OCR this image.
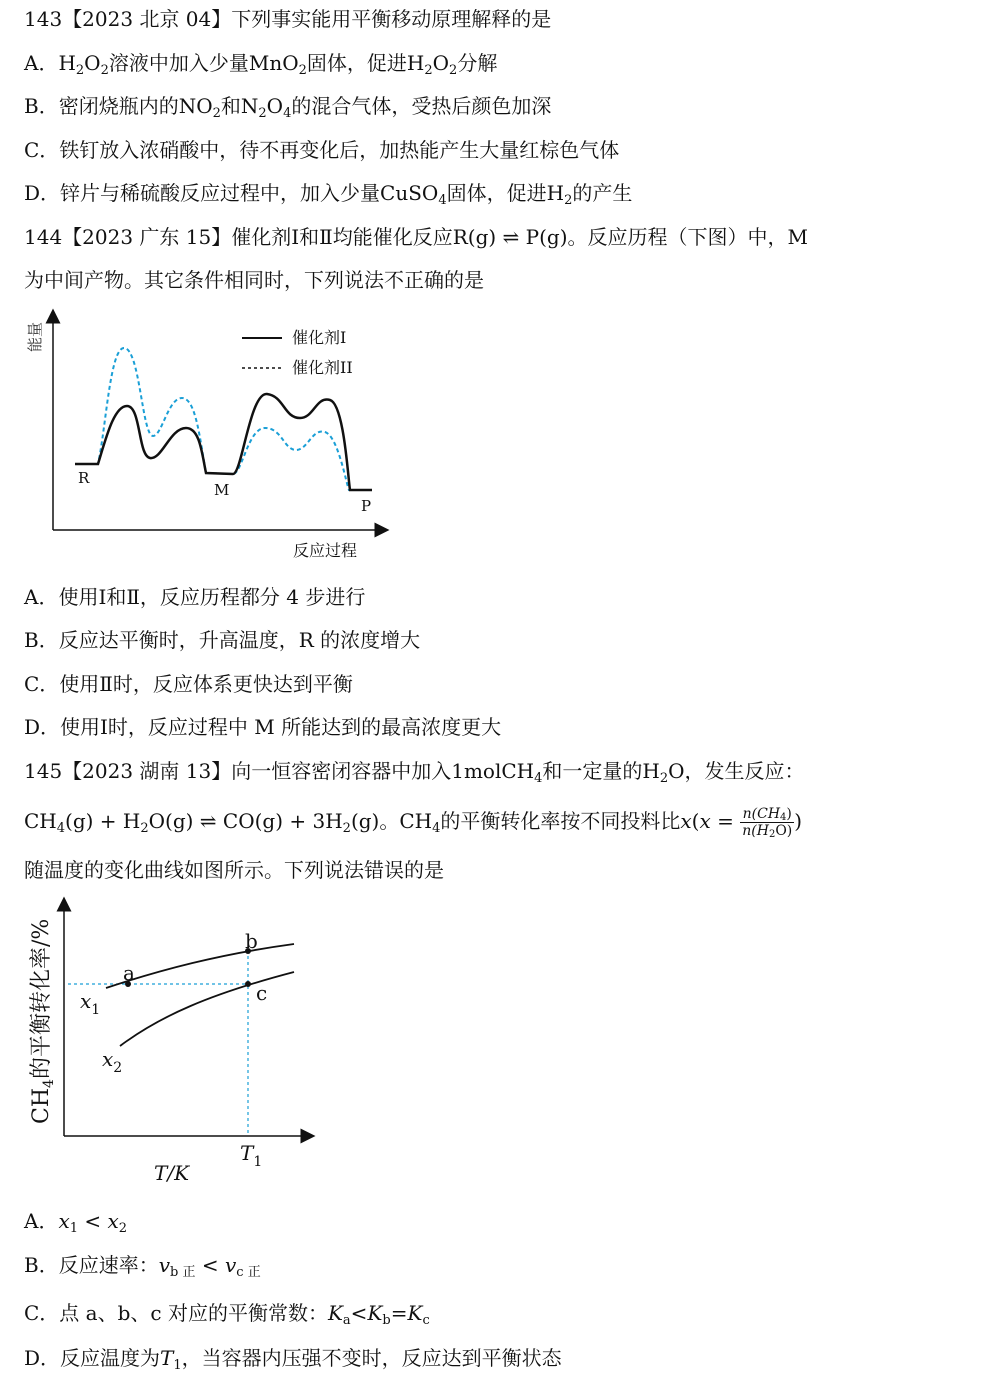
143【2023 北京 04】下列事实能用平衡移动原理解释的是
A．$H_2O_2$溶液中加入少量MnO$_2$固体，促进$H_2O_2$分解
B．密闭烧瓶内的$NO_2$和$N_2O_4$的混合气体，受热后颜色加深
C．铁钉放入浓硝酸中，待不再变化后，加热能产生大量红棕色气体
D．锌片与稀硫酸反应过程中，加入少量CuSO$_4$固体，促进$H_2$的产生
144【2023 广东 15】催化剂Ⅰ和Ⅱ均能催化反应R(g) ⇌ P(g)。反应历程（下图）中，M
为中间产物。其它条件相同时，下列说法不正确的是
能量
反应过程
催化剂I
催化剂II
R
M
P
A．使用Ⅰ和Ⅱ，反应历程都分 4 步进行
B．反应达平衡时，升高温度，R 的浓度增大
C．使用Ⅱ时，反应体系更快达到平衡
D．使用Ⅰ时，反应过程中 M 所能达到的最高浓度更大
145【2023 湖南 13】向一恒容密闭容器中加入1molCH$_4$和一定量的$H_2O$，发生反应：
$CH_4(g) + H_2O(g)$ ⇌ $CO(g) + 3H_2(g)$。$CH_4$的平衡转化率按不同投料比$x(x = \frac{n(CH_4)}{n(H_2O)}$ )
随温度的变化曲线如图所示。下列说法错误的是
$CH_4$的平衡转化率/%
T/K
a
b
c
$x_1$
$x_2$
$T_1$
A．$x_1 < x_2$
B．反应速率：$v_{b 正} < v_{c 正}$
C．点 a、b、c 对应的平衡常数：$K_a<K_b=K_c$
D．反应温度为$T_1$，当容器内压强不变时，反应达到平衡状态
